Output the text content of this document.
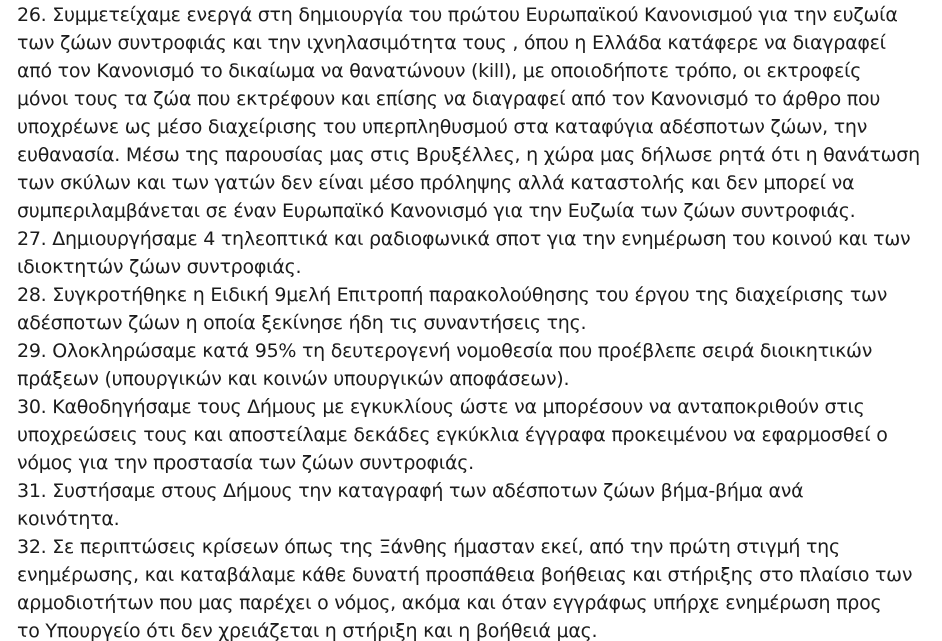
26. Συμμετείχαμε ενεργά στη δημιουργία του πρώτου Ευρωπαϊκού Κανονισμού για την ευζωία
των ζώων συντροφιάς και την ιχνηλασιμότητα τους , όπου η Ελλάδα κατάφερε να διαγραφεί
από τον Κανονισμό το δικαίωμα να θανατώνουν (kill), με οποιοδήποτε τρόπο, οι εκτροφείς
μόνοι τους τα ζώα που εκτρέφουν και επίσης να διαγραφεί από τον Κανονισμό το άρθρο που
υποχρέωνε ως μέσο διαχείρισης του υπερπληθυσμού στα καταφύγια αδέσποτων ζώων, την
ευθανασία. Μέσω της παρουσίας μας στις Βρυξέλλες, η χώρα μας δήλωσε ρητά ότι η θανάτωση
των σκύλων και των γατών δεν είναι μέσο πρόληψης αλλά καταστολής και δεν μπορεί να
συμπεριλαμβάνεται σε έναν Ευρωπαϊκό Κανονισμό για την Ευζωία των ζώων συντροφιάς.
27. Δημιουργήσαμε 4 τηλεοπτικά και ραδιοφωνικά σποτ για την ενημέρωση του κοινού και των
ιδιοκτητών ζώων συντροφιάς.
28. Συγκροτήθηκε η Ειδική 9μελή Επιτροπή παρακολούθησης του έργου της διαχείρισης των
αδέσποτων ζώων η οποία ξεκίνησε ήδη τις συναντήσεις της.
29. Ολοκληρώσαμε κατά 95% τη δευτερογενή νομοθεσία που προέβλεπε σειρά διοικητικών
πράξεων (υπουργικών και κοινών υπουργικών αποφάσεων).
30. Καθοδηγήσαμε τους Δήμους με εγκυκλίους ώστε να μπορέσουν να ανταποκριθούν στις
υποχρεώσεις τους και αποστείλαμε δεκάδες εγκύκλια έγγραφα προκειμένου να εφαρμοσθεί ο
νόμος για την προστασία των ζώων συντροφιάς.
31. Συστήσαμε στους Δήμους την καταγραφή των αδέσποτων ζώων βήμα-βήμα ανά
κοινότητα.
32. Σε περιπτώσεις κρίσεων όπως της Ξάνθης ήμασταν εκεί, από την πρώτη στιγμή της
ενημέρωσης, και καταβάλαμε κάθε δυνατή προσπάθεια βοήθειας και στήριξης στο πλαίσιο των
αρμοδιοτήτων που μας παρέχει ο νόμος, ακόμα και όταν εγγράφως υπήρχε ενημέρωση προς
το Υπουργείο ότι δεν χρειάζεται η στήριξη και η βοήθειά μας.
